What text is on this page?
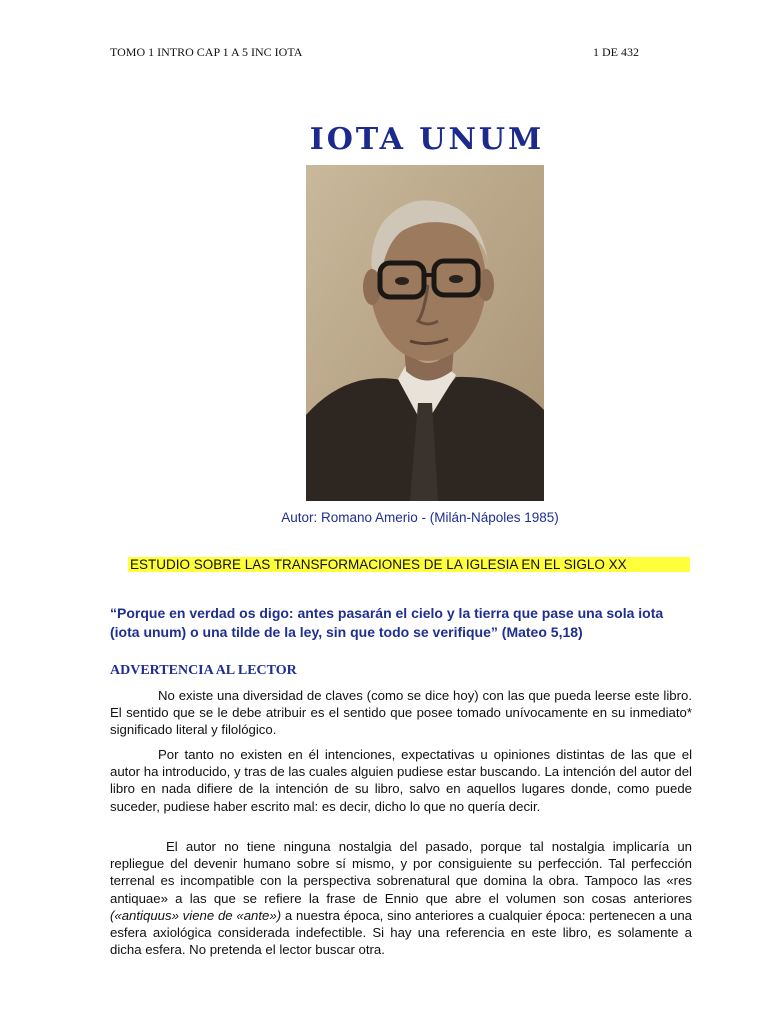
TOMO 1 INTRO CAP 1 A 5 INC IOTA	1 DE 432
IOTA UNUM
Autor: Romano Amerio - (Milán-Nápoles 1985)
ESTUDIO SOBRE LAS TRANSFORMACIONES DE LA IGLESIA EN EL SIGLO XX
“Porque en verdad os digo: antes pasarán el cielo y la tierra que pase una sola iota (iota unum) o una tilde de la ley, sin que todo se verifique” (Mateo 5,18)
ADVERTENCIA AL LECTOR

No existe una diversidad de claves (como se dice hoy) con las que pueda leerse este libro. El sentido que se le debe atribuir es el sentido que posee tomado unívocamente en su inmediato* significado literal y filológico.

Por tanto no existen en él intenciones, expectativas u opiniones distintas de las que el autor ha introducido, y tras de las cuales alguien pudiese estar buscando. La intención del autor del libro en nada difiere de la intención de su libro, salvo en aquellos lugares donde, como puede suceder, pudiese haber escrito mal: es decir, dicho lo que no quería decir.

El autor no tiene ninguna nostalgia del pasado, porque tal nostalgia implicaría un repliegue del devenir humano sobre sí mismo, y por consiguiente su perfección. Tal perfección terrenal es incompatible con la perspectiva sobrenatural que domina la obra. Tampoco las «res antiquae» a las que se refiere la frase de Ennio que abre el volumen son cosas anteriores («antiquus» viene de «ante») a nuestra época, sino anteriores a cualquier época: pertenecen a una esfera axiológica considerada indefectible. Si hay una referencia en este libro, es solamente a dicha esfera. No pretenda el lector buscar otra.
